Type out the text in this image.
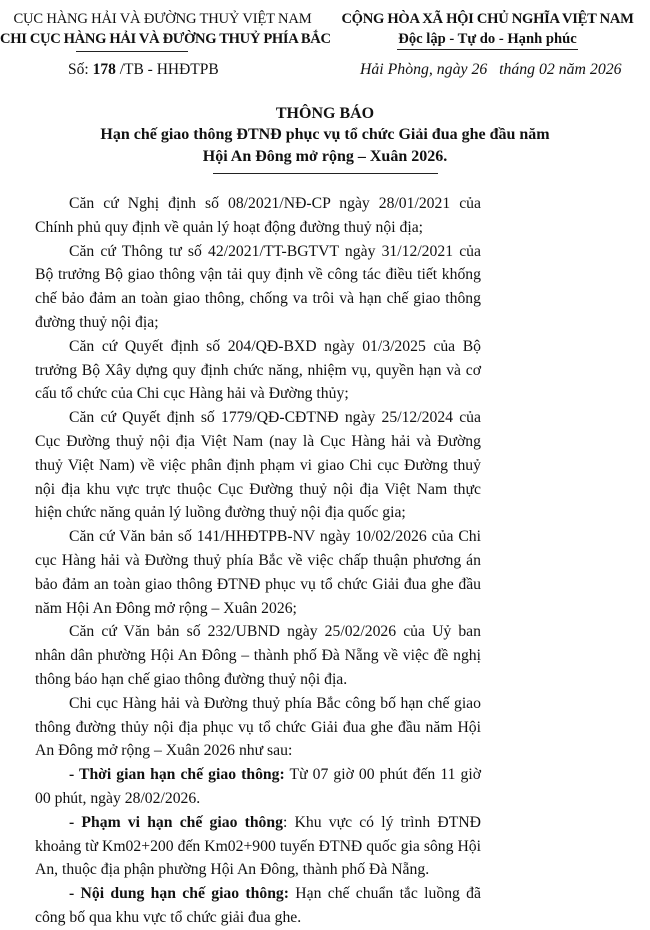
CỤC HÀNG HẢI VÀ ĐƯỜNG THUỶ VIỆT NAM
CHI CỤC HÀNG HẢI VÀ ĐƯỜNG THUỶ PHÍA BẮC
CỘNG HÒA XÃ HỘI CHỦ NGHĨA VIỆT NAM
Độc lập - Tự do - Hạnh phúc
Số: 178 /TB - HHĐTPB	Hải Phòng, ngày 26   tháng 02 năm 2026
THÔNG BÁO
Hạn chế giao thông ĐTNĐ phục vụ tổ chức Giải đua ghe đầu năm
Hội An Đông mở rộng – Xuân 2026.

Căn cứ Nghị định số 08/2021/NĐ-CP ngày 28/01/2021 của Chính phủ quy định về quản lý hoạt động đường thuỷ nội địa;

Căn cứ Thông tư số 42/2021/TT-BGTVT ngày 31/12/2021 của Bộ trưởng Bộ giao thông vận tải quy định về công tác điều tiết khống chế bảo đảm an toàn giao thông, chống va trôi và hạn chế giao thông đường thuỷ nội địa;

Căn cứ Quyết định số 204/QĐ-BXD ngày 01/3/2025 của Bộ trưởng Bộ Xây dựng quy định chức năng, nhiệm vụ, quyền hạn và cơ cấu tổ chức của Chi cục Hàng hải và Đường thủy;

Căn cứ Quyết định số 1779/QĐ-CĐTNĐ ngày 25/12/2024 của Cục Đường thuỷ nội địa Việt Nam (nay là Cục Hàng hải và Đường thuỷ Việt Nam) về việc phân định phạm vi giao Chi cục Đường thuỷ nội địa khu vực trực thuộc Cục Đường thuỷ nội địa Việt Nam thực hiện chức năng quản lý luồng đường thuỷ nội địa quốc gia;

Căn cứ Văn bản số 141/HHĐTPB-NV ngày 10/02/2026 của Chi cục Hàng hải và Đường thuỷ phía Bắc về việc chấp thuận phương án bảo đảm an toàn giao thông ĐTNĐ phục vụ tổ chức Giải đua ghe đầu năm Hội An Đông mở rộng – Xuân 2026;

Căn cứ Văn bản số 232/UBND ngày 25/02/2026 của Uỷ ban nhân dân phường Hội An Đông – thành phố Đà Nẵng về việc đề nghị thông báo hạn chế giao thông đường thuỷ nội địa.

Chi cục Hàng hải và Đường thuỷ phía Bắc công bố hạn chế giao thông đường thủy nội địa phục vụ tổ chức Giải đua ghe đầu năm Hội An Đông mở rộng – Xuân 2026 như sau:

- Thời gian hạn chế giao thông: Từ 07 giờ 00 phút đến 11 giờ 00 phút, ngày 28/02/2026.

- Phạm vi hạn chế giao thông: Khu vực có lý trình ĐTNĐ khoảng từ Km02+200 đến Km02+900 tuyến ĐTNĐ quốc gia sông Hội An, thuộc địa phận phường Hội An Đông, thành phố Đà Nẵng.

- Nội dung hạn chế giao thông: Hạn chế chuẩn tắc luồng đã công bố qua khu vực tổ chức giải đua ghe.
